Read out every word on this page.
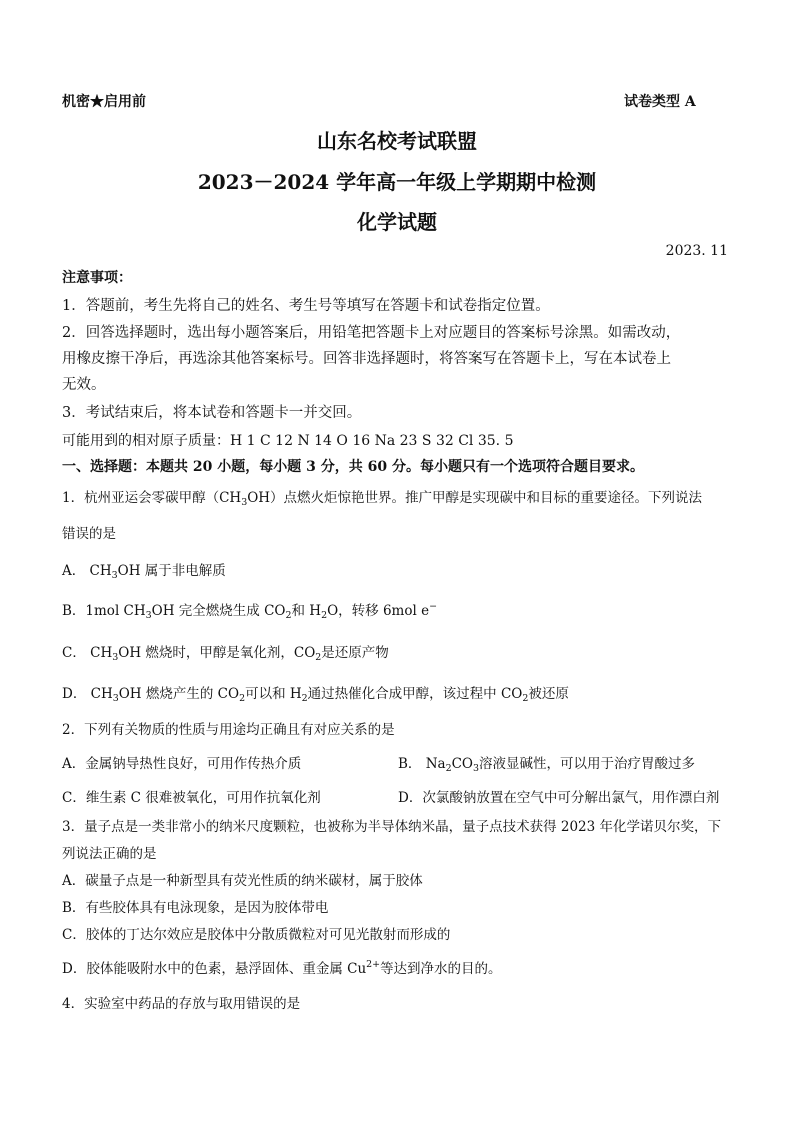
机密★启用前	试卷类型 A
山东名校考试联盟
2023－2024 学年高一年级上学期期中检测
化学试题
2023. 11
注意事项：
1．答题前，考生先将自己的姓名、考生号等填写在答题卡和试卷指定位置。
2．回答选择题时，选出每小题答案后，用铅笔把答题卡上对应题目的答案标号涂黑。如需改动，
用橡皮擦干净后，再选涂其他答案标号。回答非选择题时，将答案写在答题卡上，写在本试卷上
无效。
3．考试结束后，将本试卷和答题卡一并交回。
可能用到的相对原子质量：H 1 C 12 N 14 O 16 Na 23 S 32 Cl 35. 5
一、选择题：本题共 20 小题，每小题 3 分，共 60 分。每小题只有一个选项符合题目要求。
1．杭州亚运会零碳甲醇$(CH_3OH)$点燃火炬惊艳世界。推广甲醇是实现碳中和目标的重要途径。下列说法
错误的是
A． $CH_3OH$ 属于非电解质
B．1mol $CH_3OH$ 完全燃烧生成 $CO_2$和 $H_2O$，转移 6mol e−
C． $CH_3OH$ 燃烧时，甲醇是氧化剂，$CO_2$是还原产物
D． $CH_3OH$ 燃烧产生的 $CO_2$可以和 $H_2$通过热催化合成甲醇，该过程中 $CO_2$被还原
2．下列有关物质的性质与用途均正确且有对应关系的是
A．金属钠导热性良好，可用作传热介质	B． $Na_2CO_3$溶液显碱性，可以用于治疗胃酸过多
C．维生素 C 很难被氧化，可用作抗氧化剂	D．次氯酸钠放置在空气中可分解出氯气，用作漂白剂
3．量子点是一类非常小的纳米尺度颗粒，也被称为半导体纳米晶，量子点技术获得 2023 年化学诺贝尔奖，下
列说法正确的是
A．碳量子点是一种新型具有荧光性质的纳米碳材，属于胶体
B．有些胶体具有电泳现象，是因为胶体带电
C．胶体的丁达尔效应是胶体中分散质微粒对可见光散射而形成的
D．胶体能吸附水中的色素，悬浮固体、重金属 $Cu^{2+}$等达到净水的目的。
4．实验室中药品的存放与取用错误的是
